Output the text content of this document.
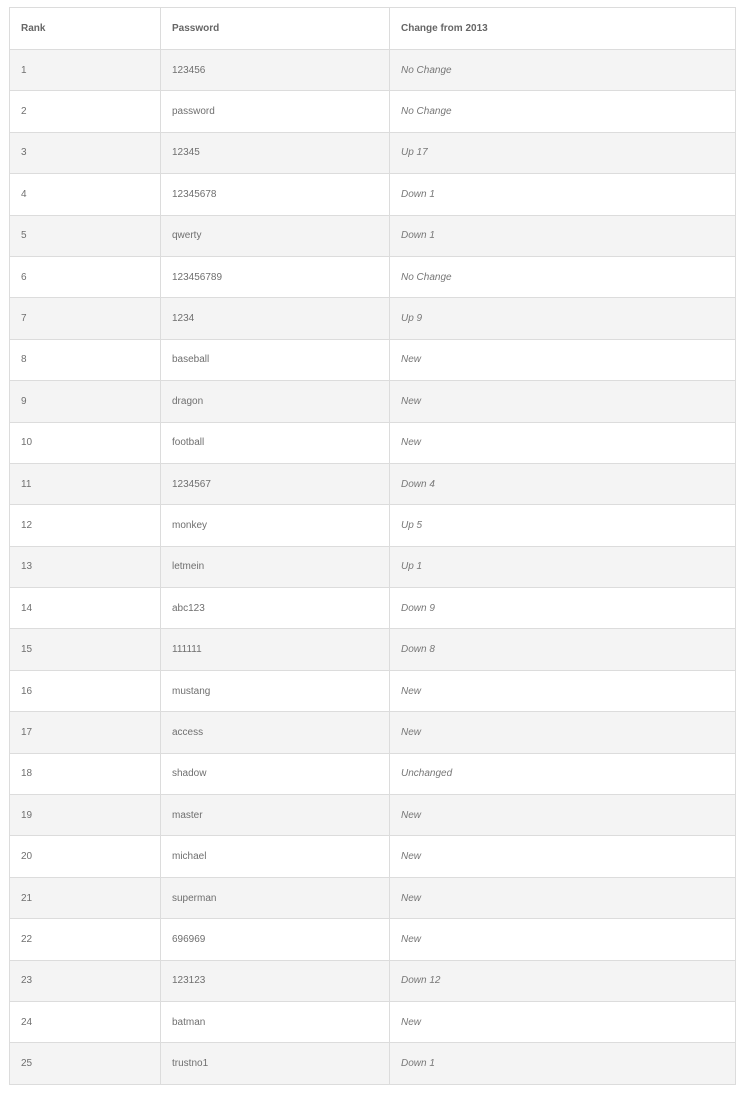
Rank	Password	Change from 2013
1	123456	No Change
2	password	No Change
3	12345	Up 17
4	12345678	Down 1
5	qwerty	Down 1
6	123456789	No Change
7	1234	Up 9
8	baseball	New
9	dragon	New
10	football	New
11	1234567	Down 4
12	monkey	Up 5
13	letmein	Up 1
14	abc123	Down 9
15	111111	Down 8
16	mustang	New
17	access	New
18	shadow	Unchanged
19	master	New
20	michael	New
21	superman	New
22	696969	New
23	123123	Down 12
24	batman	New
25	trustno1	Down 1
